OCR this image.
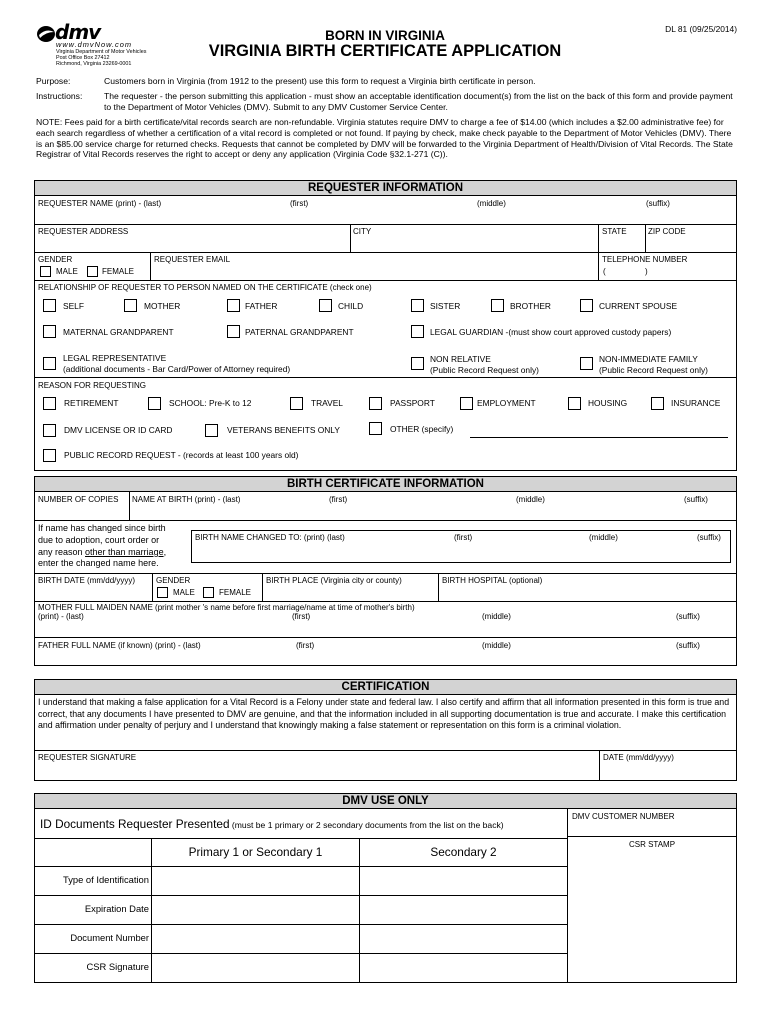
dmv
www.dmvNow.com
Virginia Department of Motor Vehicles
Post Office Box 27412
Richmond, Virginia 23269-0001
DL 81 (09/25/2014)
BORN IN VIRGINIA
VIRGINIA BIRTH CERTIFICATE APPLICATION
Purpose:	Customers born in Virginia (from 1912 to the present) use this form to request a Virginia birth certificate in person.
Instructions:	The requester - the person submitting this application - must show an acceptable identification document(s) from the list on the back of this form and provide payment to the Department of Motor Vehicles (DMV). Submit to any DMV Customer Service Center.
NOTE: Fees paid for a birth certificate/vital records search are non-refundable. Virginia statutes require DMV to charge a fee of $14.00 (which includes a $2.00 administrative fee) for each search regardless of whether a certification of a vital record is completed or not found. If paying by check, make check payable to the Department of Motor Vehicles (DMV). There is an $85.00 service charge for returned checks. Requests that cannot be completed by DMV will be forwarded to the Virginia Department of Health/Division of Vital Records. The State Registrar of Vital Records reserves the right to accept or deny any application (Virginia Code §32.1-271 (C)).
REQUESTER INFORMATION
REQUESTER NAME (print) - (last)	(first)	(middle)	(suffix)
REQUESTER ADDRESS	CITY	STATE	ZIP CODE
GENDER
MALE	FEMALE
REQUESTER EMAIL	TELEPHONE NUMBER
(	)
RELATIONSHIP OF REQUESTER TO PERSON NAMED ON THE CERTIFICATE (check one)
SELF	MOTHER	FATHER	CHILD	SISTER	BROTHER	CURRENT SPOUSE
MATERNAL GRANDPARENT	PATERNAL GRANDPARENT	LEGAL GUARDIAN -(must show court approved custody papers)
LEGAL REPRESENTATIVE
(additional documents - Bar Card/Power of Attorney required)
NON RELATIVE
(Public Record Request only)
NON-IMMEDIATE FAMILY
(Public Record Request only)
REASON FOR REQUESTING
RETIREMENT	SCHOOL: Pre-K to 12	TRAVEL	PASSPORT	EMPLOYMENT	HOUSING	INSURANCE
DMV LICENSE OR ID CARD	VETERANS BENEFITS ONLY	OTHER (specify)
PUBLIC RECORD REQUEST - (records at least 100 years old)
BIRTH CERTIFICATE INFORMATION
NUMBER OF COPIES NAME AT BIRTH (print) - (last)	(first)	(middle)	(suffix)
If name has changed since birth
due to adoption, court order or
any reason other than marriage,
enter the changed name here.
BIRTH NAME CHANGED TO: (print) (last)	(first)	(middle)	(suffix)
BIRTH DATE (mm/dd/yyyy)	GENDER
MALE	FEMALE
BIRTH PLACE (Virginia city or county)	BIRTH HOSPITAL (optional)
MOTHER FULL MAIDEN NAME (print mother 's name before first marriage/name at time of mother's birth)
(print) - (last)	(first)	(middle)	(suffix)
FATHER FULL NAME (if known) (print) - (last)	(first)	(middle)	(suffix)
CERTIFICATION
I understand that making a false application for a Vital Record is a Felony under state and federal law. I also certify and affirm that all information presented in this form is true and correct, that any documents I have presented to DMV are genuine, and that the information included in all supporting documentation is true and accurate. I make this certification and affirmation under penalty of perjury and I understand that knowingly making a false statement or representation on this form is a criminal violation.
REQUESTER SIGNATURE	DATE (mm/dd/yyyy)
DMV USE ONLY
ID Documents Requester Presented (must be 1 primary or 2 secondary documents from the list on the back)
DMV CUSTOMER NUMBER
CSR STAMP
Primary 1 or Secondary 1	Secondary 2
Type of Identification
Expiration Date
Document Number
CSR Signature
